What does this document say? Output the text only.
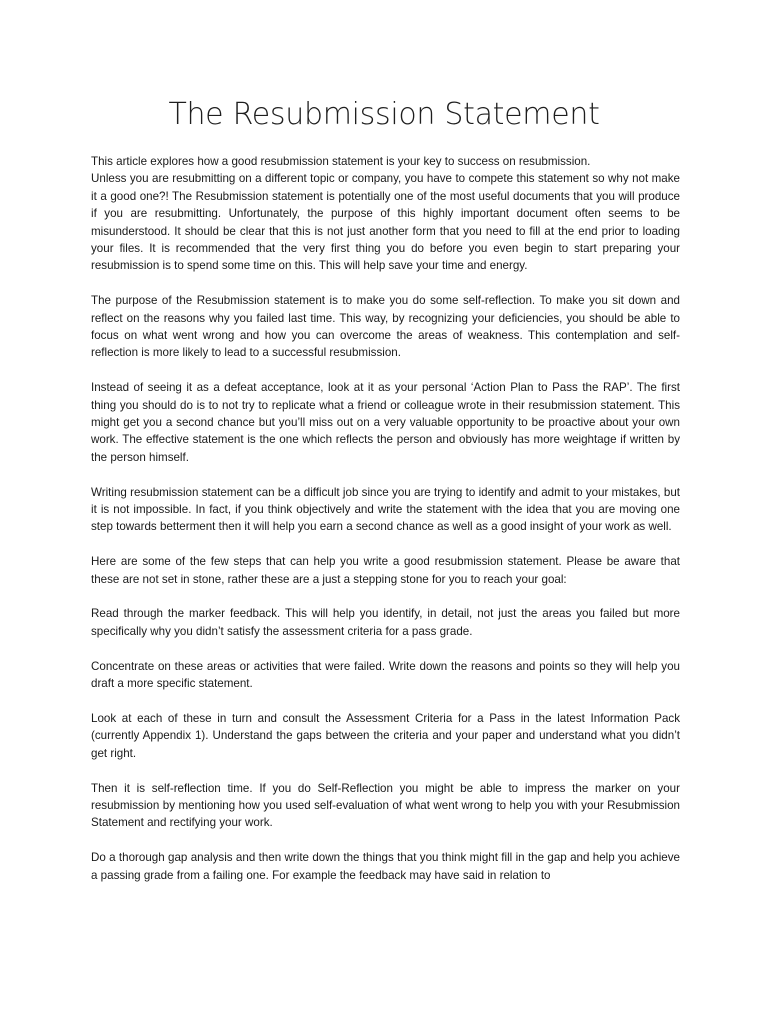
The Resubmission Statement

This article explores how a good resubmission statement is your key to success on resubmission.

Unless you are resubmitting on a different topic or company, you have to compete this statement so why not make it a good one?! The Resubmission statement is potentially one of the most useful documents that you will produce if you are resubmitting. Unfortunately, the purpose of this highly important document often seems to be misunderstood. It should be clear that this is not just another form that you need to fill at the end prior to loading your files. It is recommended that the very first thing you do before you even begin to start preparing your resubmission is to spend some time on this. This will help save your time and energy.

The purpose of the Resubmission statement is to make you do some self-reflection. To make you sit down and reflect on the reasons why you failed last time. This way, by recognizing your deficiencies, you should be able to focus on what went wrong and how you can overcome the areas of weakness. This contemplation and self-reflection is more likely to lead to a successful resubmission.

Instead of seeing it as a defeat acceptance, look at it as your personal ‘Action Plan to Pass the RAP’. The first thing you should do is to not try to replicate what a friend or colleague wrote in their resubmission statement. This might get you a second chance but you’ll miss out on a very valuable opportunity to be proactive about your own work. The effective statement is the one which reflects the person and obviously has more weightage if written by the person himself.

Writing resubmission statement can be a difficult job since you are trying to identify and admit to your mistakes, but it is not impossible. In fact, if you think objectively and write the statement with the idea that you are moving one step towards betterment then it will help you earn a second chance as well as a good insight of your work as well.

Here are some of the few steps that can help you write a good resubmission statement. Please be aware that these are not set in stone, rather these are a just a stepping stone for you to reach your goal:

Read through the marker feedback. This will help you identify, in detail, not just the areas you failed but more specifically why you didn’t satisfy the assessment criteria for a pass grade.

Concentrate on these areas or activities that were failed. Write down the reasons and points so they will help you draft a more specific statement.

Look at each of these in turn and consult the Assessment Criteria for a Pass in the latest Information Pack (currently Appendix 1). Understand the gaps between the criteria and your paper and understand what you didn’t get right.

Then it is self-reflection time. If you do Self-Reflection you might be able to impress the marker on your resubmission by mentioning how you used self-evaluation of what went wrong to help you with your Resubmission Statement and rectifying your work.

Do a thorough gap analysis and then write down the things that you think might fill in the gap and help you achieve a passing grade from a failing one. For example the feedback may have said in relation to
